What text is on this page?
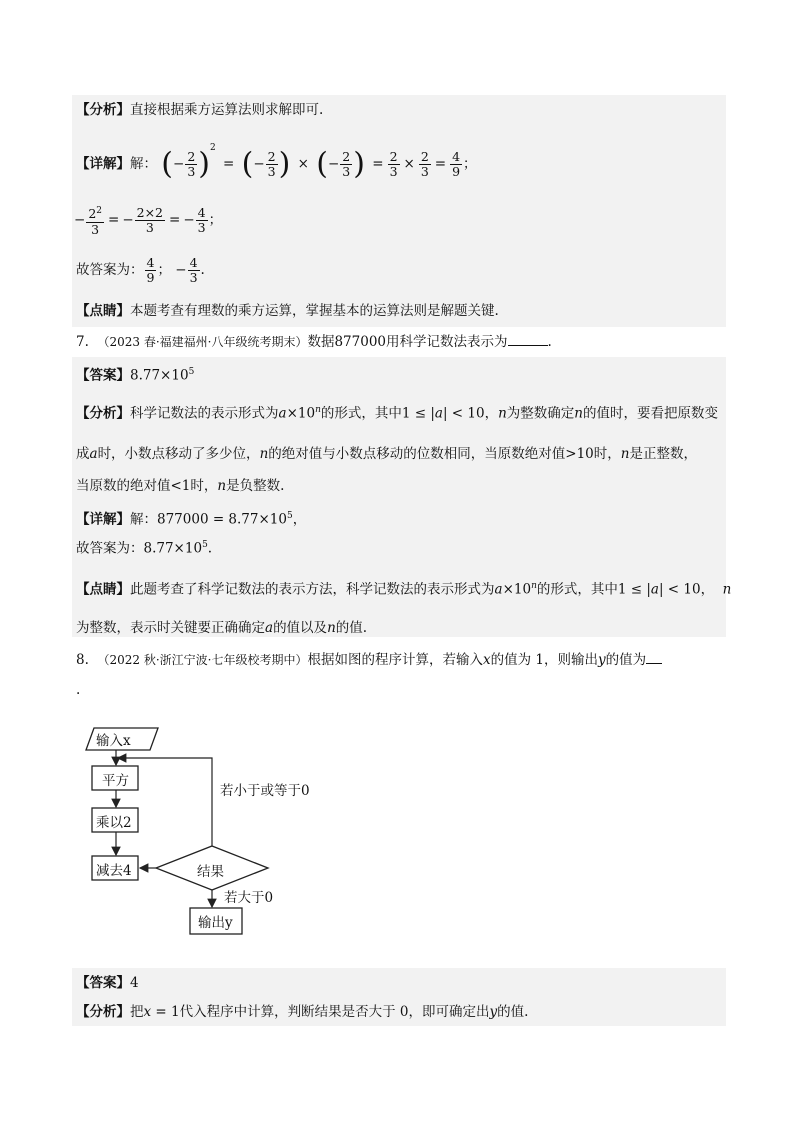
【分析】直接根据乘方运算法则求解即可.
【详解】解： (− $\frac{2}{3} )^2$ = (− $\frac{2}{3}$ ) × (− $\frac{2}{3}$ ) = $\frac{2}{3} \times \frac{2}{3} = \frac{4}{9}$ ；
− $\frac{2^2}{3}$ = − $\frac{2\times 2}{3}$ = − $\frac{4}{3}$ ；
故答案为： $\frac{4}{9}$ ； − $\frac{4}{3}$ .
【点睛】本题考查有理数的乘方运算，掌握基本的运算法则是解题关键.
7. （2023 春·福建福州·八年级统考期末）数据877000用科学记数法表示为	.
【答案】$8.77\times 10^5$
【分析】科学记数法的表示形式为$a\times 10^n$的形式，其中1 ≤ |a| < 10，n为整数确定n的值时，要看把原数变
成a时，小数点移动了多少位，n的绝对值与小数点移动的位数相同，当原数绝对值>10时，n是正整数，
当原数的绝对值<1时，n是负整数.
【详解】解：$877000 = 8.77\times 10^5$，
故答案为：$8.77\times 10^5$.
【点睛】此题考查了科学记数法的表示方法，科学记数法的表示形式为$a\times 10^n$的形式，其中1 ≤ |a| < 10，  n
为整数，表示时关键要正确确定a的值以及n的值.
8. （2022 秋·浙江宁波·七年级校考期中）根据如图的程序计算，若输入x的值为 1，则输出y的值为
.
输入x
平方
乘以2
减去4	结果
若小于或等于0
若大于0
输出y
【答案】4
【分析】把x = 1代入程序中计算，判断结果是否大于 0，即可确定出y的值.
